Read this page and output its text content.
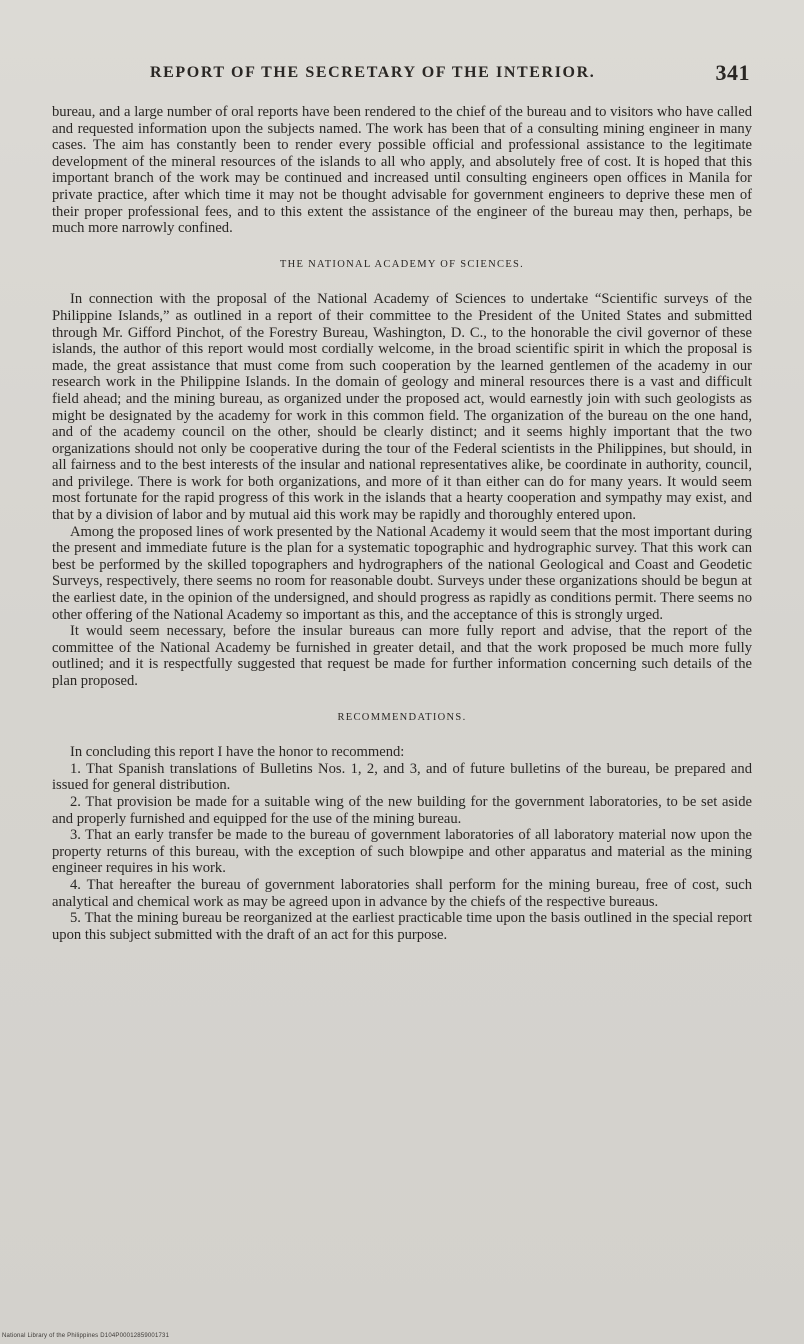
REPORT OF THE SECRETARY OF THE INTERIOR.	341

bureau, and a large number of oral reports have been rendered to the chief of the bureau and to visitors who have called and requested information upon the subjects named. The work has been that of a consulting mining engineer in many cases. The aim has constantly been to render every possible official and professional assistance to the legitimate development of the mineral resources of the islands to all who apply, and absolutely free of cost. It is hoped that this important branch of the work may be continued and increased until consulting engineers open offices in Manila for private practice, after which time it may not be thought advisable for government engineers to deprive these men of their proper professional fees, and to this extent the assistance of the engineer of the bureau may then, perhaps, be much more narrowly confined.

THE NATIONAL ACADEMY OF SCIENCES.

In connection with the proposal of the National Academy of Sciences to undertake “Scientific surveys of the Philippine Islands,” as outlined in a report of their committee to the President of the United States and submitted through Mr. Gifford Pinchot, of the Forestry Bureau, Washington, D. C., to the honorable the civil governor of these islands, the author of this report would most cordially welcome, in the broad scientific spirit in which the proposal is made, the great assistance that must come from such cooperation by the learned gentlemen of the academy in our research work in the Philippine Islands. In the domain of geology and mineral resources there is a vast and difficult field ahead; and the mining bureau, as organized under the proposed act, would earnestly join with such geologists as might be designated by the academy for work in this common field. The organization of the bureau on the one hand, and of the academy council on the other, should be clearly distinct; and it seems highly important that the two organizations should not only be cooperative during the tour of the Federal scientists in the Philippines, but should, in all fairness and to the best interests of the insular and national representatives alike, be coordinate in authority, council, and privilege. There is work for both organizations, and more of it than either can do for many years. It would seem most fortunate for the rapid progress of this work in the islands that a hearty cooperation and sympathy may exist, and that by a division of labor and by mutual aid this work may be rapidly and thoroughly entered upon.

Among the proposed lines of work presented by the National Academy it would seem that the most important during the present and immediate future is the plan for a systematic topographic and hydrographic survey. That this work can best be performed by the skilled topographers and hydrographers of the national Geological and Coast and Geodetic Surveys, respectively, there seems no room for reasonable doubt. Surveys under these organizations should be begun at the earliest date, in the opinion of the undersigned, and should progress as rapidly as conditions permit. There seems no other offering of the National Academy so important as this, and the acceptance of this is strongly urged.

It would seem necessary, before the insular bureaus can more fully report and advise, that the report of the committee of the National Academy be furnished in greater detail, and that the work proposed be much more fully outlined; and it is respectfully suggested that request be made for further information concerning such details of the plan proposed.

RECOMMENDATIONS.

In concluding this report I have the honor to recommend:

1. That Spanish translations of Bulletins Nos. 1, 2, and 3, and of future bulletins of the bureau, be prepared and issued for general distribution.

2. That provision be made for a suitable wing of the new building for the government laboratories, to be set aside and properly furnished and equipped for the use of the mining bureau.

3. That an early transfer be made to the bureau of government laboratories of all laboratory material now upon the property returns of this bureau, with the exception of such blowpipe and other apparatus and material as the mining engineer requires in his work.

4. That hereafter the bureau of government laboratories shall perform for the mining bureau, free of cost, such analytical and chemical work as may be agreed upon in advance by the chiefs of the respective bureaus.

5. That the mining bureau be reorganized at the earliest practicable time upon the basis outlined in the special report upon this subject submitted with the draft of an act for this purpose.

National Library of the Philippines D104P00012859001731
